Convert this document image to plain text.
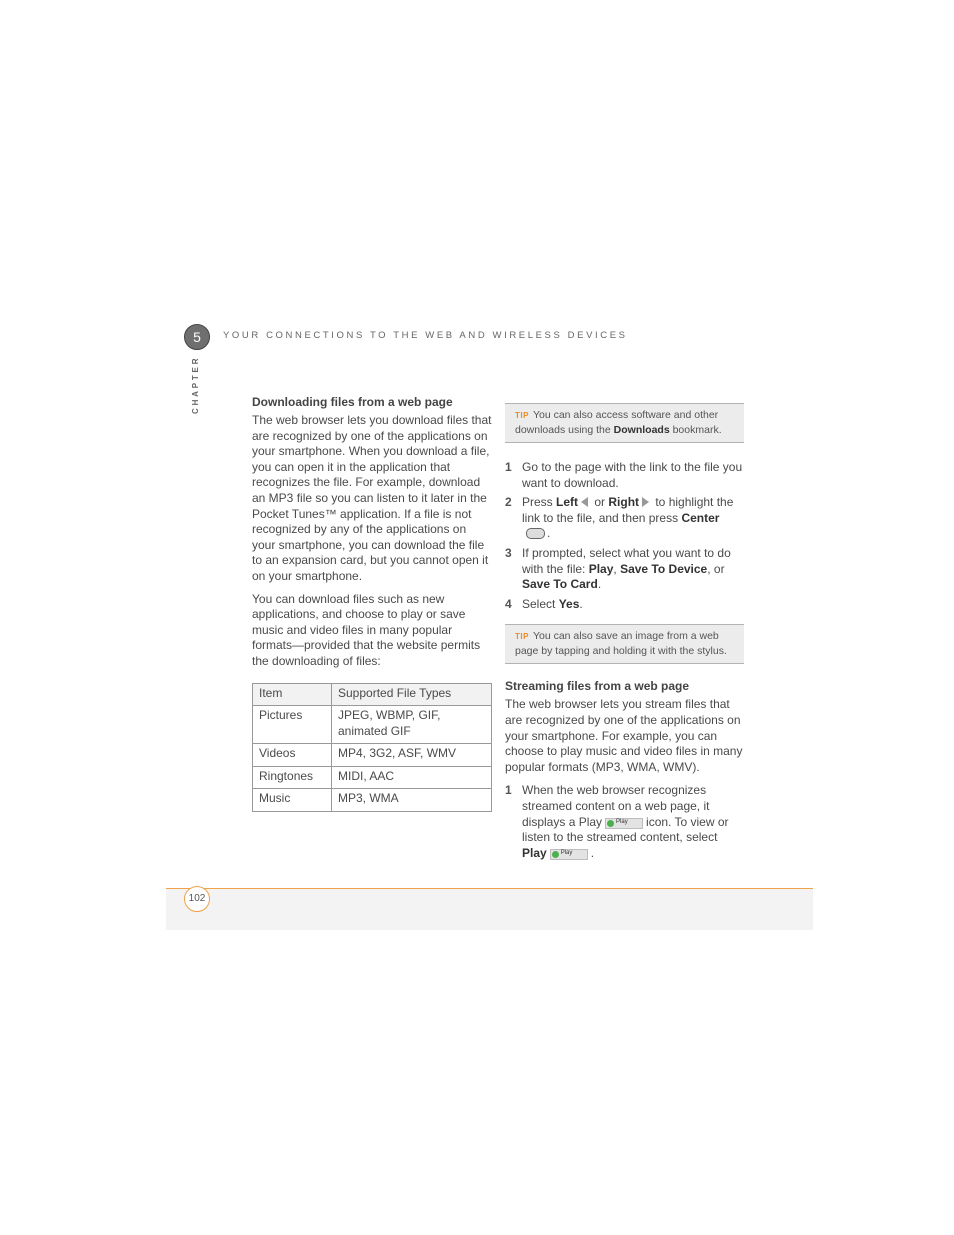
5	YOUR CONNECTIONS TO THE WEB AND WIRELESS DEVICES
CHAPTER	Downloading files from a web page

The web browser lets you download files that are recognized by one of the applications on your smartphone. When you download a file, you can open it in the application that recognizes the file. For example, download an MP3 file so you can listen to it later in the Pocket Tunes™ application. If a file is not recognized by any of the applications on your smartphone, you can download the file to an expansion card, but you cannot open it on your smartphone.

You can download files such as new applications, and choose to play or save music and video files in many popular formats—provided that the website permits the downloading of files:

Item	Supported File Types
Pictures	JPEG, WBMP, GIF, animated GIF
Videos	MP4, 3G2, ASF, WMV
Ringtones	MIDI, AAC
Music	MP3, WMA
TIP You can also access software and other downloads using the Downloads bookmark.
1 Go to the page with the link to the file you want to download.
2 Press Left or Right to highlight the link to the file, and then press Center.
3 If prompted, select what you want to do with the file: Play, Save To Device, or Save To Card.
4 Select Yes.
TIP You can also save an image from a web page by tapping and holding it with the stylus.
Streaming files from a web page

The web browser lets you stream files that are recognized by one of the applications on your smartphone. For example, you can choose to play music and video files in many popular formats (MP3, WMA, WMV).

1 When the web browser recognizes streamed content on a web page, it displays a Play Play icon. To view or listen to the streamed content, select Play Play .
102
